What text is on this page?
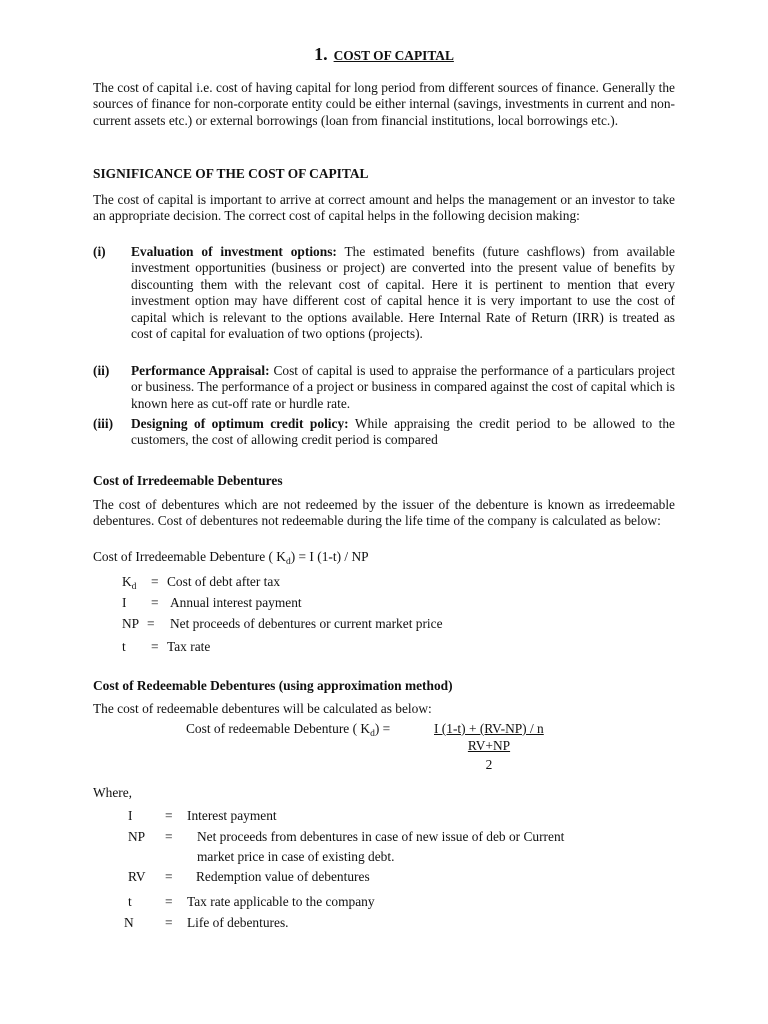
1. COST OF CAPITAL
The cost of capital i.e. cost of having capital for long period from different sources of finance. Generally the sources of finance for non-corporate entity could be either internal (savings, investments in current and non-current assets etc.) or external borrowings (loan from financial institutions, local borrowings etc.).
SIGNIFICANCE OF THE COST OF CAPITAL
The cost of capital is important to arrive at correct amount and helps the management or an investor to take an appropriate decision. The correct cost of capital helps in the following decision making:
(i) Evaluation of investment options: The estimated benefits (future cashflows) from available investment opportunities (business or project) are converted into the present value of benefits by discounting them with the relevant cost of capital. Here it is pertinent to mention that every investment option may have different cost of capital hence it is very important to use the cost of capital which is relevant to the options available. Here Internal Rate of Return (IRR) is treated as cost of capital for evaluation of two options (projects).
(ii) Performance Appraisal: Cost of capital is used to appraise the performance of a particulars project or business. The performance of a project or business in compared against the cost of capital which is known here as cut-off rate or hurdle rate.
(iii) Designing of optimum credit policy: While appraising the credit period to be allowed to the customers, the cost of allowing credit period is compared
Cost of Irredeemable Debentures
The cost of debentures which are not redeemed by the issuer of the debenture is known as irredeemable debentures. Cost of debentures not redeemable during the life time of the company is calculated as below:
Cost of Irredeemable Debenture ( $K_d) = I$ (1-t) / NP
$K_d$ = Cost of debt after tax
I = Annual interest payment
NP = Net proceeds of debentures or current market price
t = Tax rate
Cost of Redeemable Debentures (using approximation method)
The cost of redeemable debentures will be calculated as below:
Cost of redeemable Debenture ( $K_d$) =	I (1-t) + (RV-NP) / n
RV+NP
2
Where,
I = Interest payment
NP = Net proceeds from debentures in case of new issue of deb or Current
market price in case of existing debt.
RV = Redemption value of debentures
t = Tax rate applicable to the company
N = Life of debentures.
